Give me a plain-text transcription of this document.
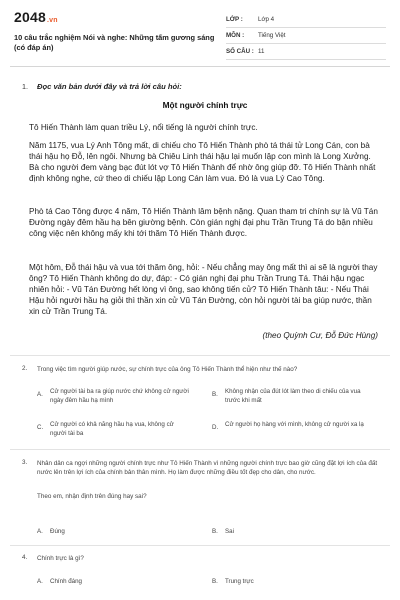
2048.vn
10 câu trắc nghiệm Nói và nghe: Những tấm gương sáng (có đáp án)
LỚP :	Lớp 4
MÔN :	Tiếng Việt
SỐ CÂU : 11
1. Đọc văn bản dưới đây và trả lời câu hỏi:
Một người chính trực
Tô Hiến Thành làm quan triều Lý, nổi tiếng là người chính trực.
Năm 1175, vua Lý Anh Tông mất, di chiếu cho Tô Hiến Thành phò tá thái tử Long Cán, con bà thái hậu họ Đỗ, lên ngôi. Nhưng bà Chiêu Linh thái hậu lại muốn lập con mình là Long Xưởng. Bà cho người đem vàng bạc đút lót vợ Tô Hiến Thành để nhờ ông giúp đỡ. Tô Hiến Thành nhất định không nghe, cứ theo di chiếu lập Long Cán làm vua. Đó là vua Lý Cao Tông.
Phò tá Cao Tông được 4 năm, Tô Hiến Thành lâm bệnh nặng. Quan tham tri chính sự là Vũ Tán Đường ngày đêm hầu hạ bên giường bệnh. Còn gián nghị đại phu Trần Trung Tá do bận nhiều công việc nên không mấy khi tới thăm Tô Hiến Thành được.
Một hôm, Đỗ thái hậu và vua tới thăm ông, hỏi: - Nếu chẳng may ông mất thì ai sẽ là người thay ông? Tô Hiến Thành không do dự, đáp: - Có gián nghị đại phu Trần Trung Tá. Thái hậu ngạc nhiên hỏi: - Vũ Tán Đường hết lòng vì ông, sao không tiến cử? Tô Hiến Thành tâu: - Nếu Thái Hậu hỏi người hầu hạ giỏi thì thần xin cử Vũ Tán Đường, còn hỏi người tài ba giúp nước, thần xin cử Trần Trung Tá.
(theo Quỳnh Cư, Đỗ Đức Hùng)
2. Trong việc tìm người giúp nước, sự chính trực của ông Tô Hiến Thành thể hiện như thế nào?
A. Cử người tài ba ra giúp nước chứ không cử người ngày đêm hầu hạ mình
B. Không nhận của đút lót làm theo di chiếu của vua trước khi mất
C. Cử người có khả năng hầu hạ vua, không cử người tài ba
D. Cử người họ hàng với mình, không cử người xa lạ
3. Nhân dân ca ngợi những người chính trực như Tô Hiến Thành vì những người chính trực bao giờ cũng đặt lợi ích của đất nước lên trên lợi ích của chính bản thân mình. Họ làm được những điều tốt đẹp cho dân, cho nước.
Theo em, nhận định trên đúng hay sai?
A. Đúng	B. Sai
4. Chính trực là gì?
A. Chính đáng	B. Trung trực
